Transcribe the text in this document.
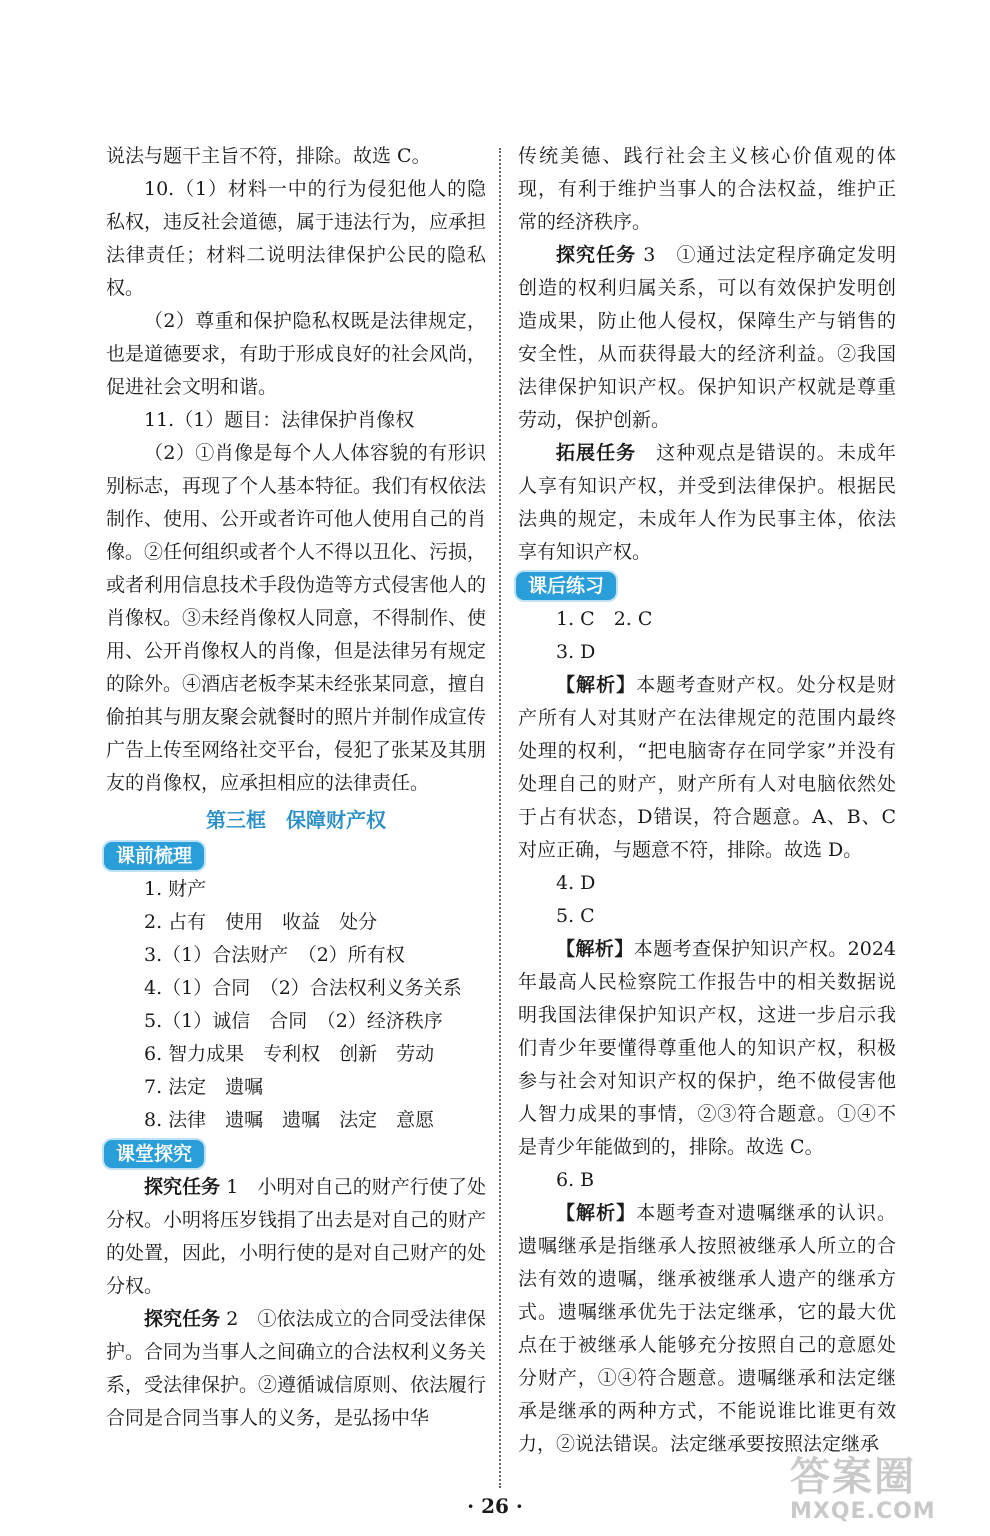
说法与题干主旨不符，排除。故选 C。

10.（1）材料一中的行为侵犯他人的隐私权，违反社会道德，属于违法行为，应承担法律责任；材料二说明法律保护公民的隐私权。

（2）尊重和保护隐私权既是法律规定，也是道德要求，有助于形成良好的社会风尚，促进社会文明和谐。

11.（1）题目：法律保护肖像权

（2）①肖像是每个人人体容貌的有形识别标志，再现了个人基本特征。我们有权依法制作、使用、公开或者许可他人使用自己的肖像。②任何组织或者个人不得以丑化、污损，或者利用信息技术手段伪造等方式侵害他人的肖像权。③未经肖像权人同意，不得制作、使用、公开肖像权人的肖像，但是法律另有规定的除外。④酒店老板李某未经张某同意，擅自偷拍其与朋友聚会就餐时的照片并制作成宣传广告上传至网络社交平台，侵犯了张某及其朋友的肖像权，应承担相应的法律责任。

第三框　保障财产权
课前梳理

1. 财产

2. 占有　使用　收益　处分

3.（1）合法财产　（2）所有权

4.（1）合同　（2）合法权利义务关系

5.（1）诚信　合同　（2）经济秩序

6. 智力成果　专利权　创新　劳动

7. 法定　遗嘱

8. 法律　遗嘱　遗嘱　法定　意愿

课堂探究

探究任务 1　小明对自己的财产行使了处分权。小明将压岁钱捐了出去是对自己的财产的处置，因此，小明行使的是对自己财产的处分权。

探究任务 2　①依法成立的合同受法律保护。合同为当事人之间确立的合法权利义务关系，受法律保护。②遵循诚信原则、依法履行合同是合同当事人的义务，是弘扬中华

传统美德、践行社会主义核心价值观的体现，有利于维护当事人的合法权益，维护正常的经济秩序。

探究任务 3　①通过法定程序确定发明创造的权利归属关系，可以有效保护发明创造成果，防止他人侵权，保障生产与销售的安全性，从而获得最大的经济利益。②我国法律保护知识产权。保护知识产权就是尊重劳动，保护创新。

拓展任务　这种观点是错误的。未成年人享有知识产权，并受到法律保护。根据民法典的规定，未成年人作为民事主体，依法享有知识产权。

课后练习

1. C　2. C

3. D

【解析】本题考查财产权。处分权是财产所有人对其财产在法律规定的范围内最终处理的权利，“把电脑寄存在同学家”并没有处理自己的财产，财产所有人对电脑依然处于占有状态，D错误，符合题意。A、B、C对应正确，与题意不符，排除。故选 D。

4. D

5. C

【解析】本题考查保护知识产权。2024 年最高人民检察院工作报告中的相关数据说明我国法律保护知识产权，这进一步启示我们青少年要懂得尊重他人的知识产权，积极参与社会对知识产权的保护，绝不做侵害他人智力成果的事情，②③符合题意。①④不是青少年能做到的，排除。故选 C。

6. B

【解析】本题考查对遗嘱继承的认识。遗嘱继承是指继承人按照被继承人所立的合法有效的遗嘱，继承被继承人遗产的继承方式。遗嘱继承优先于法定继承，它的最大优点在于被继承人能够充分按照自己的意愿处分财产，①④符合题意。遗嘱继承和法定继承是继承的两种方式，不能说谁比谁更有效力，②说法错误。法定继承要按照法定继承

· 26 ·
答案圈
MXQE.COM
